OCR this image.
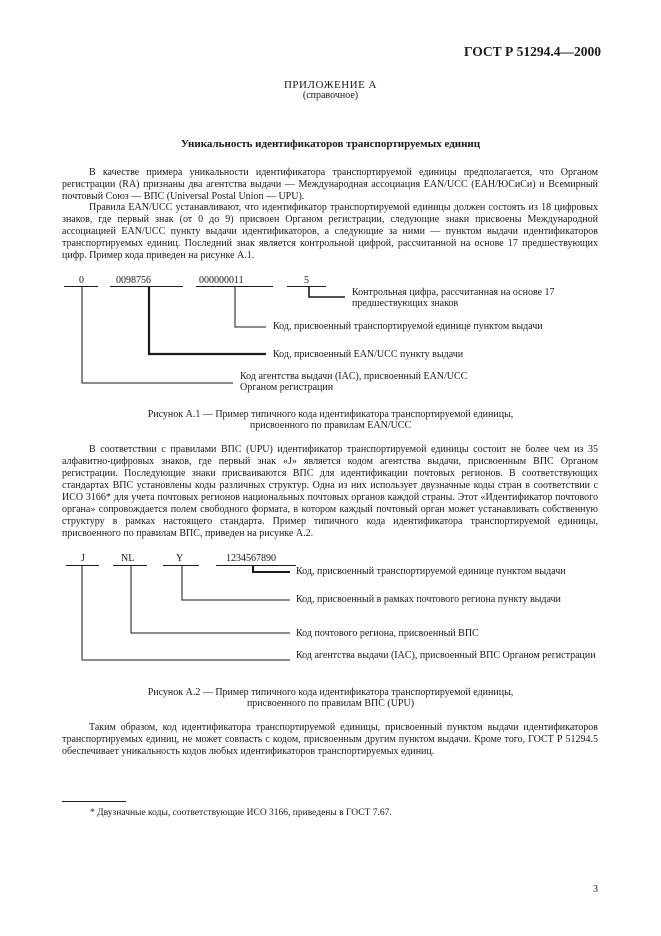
ГОСТ Р 51294.4—2000
ПРИЛОЖЕНИЕ А
(справочное)
Уникальность идентификаторов транспортируемых единиц

В качестве примера уникальности идентификатора транспортируемой единицы предполагается, что Органом регистрации (RA) признаны два агентства выдачи — Международная ассоциация EAN/UCC (ЕАН/ЮСиСи) и Всемирный почтовый Союз — ВПС (Universal Postal Union — UPU).

Правила EAN/UCC устанавливают, что идентификатор транспортируемой единицы должен состоять из 18 цифровых знаков, где первый знак (от 0 до 9) присвоен Органом регистрации, следующие знаки присвоены Международной ассоциацией EAN/UCC пункту выдачи идентификаторов, а следующие за ними — пунктом выдачи идентификаторов транспортируемых единиц. Последний знак является контрольной цифрой, рассчитанной на основе 17 предшествующих цифр. Пример кода приведен на рисунке А.1.

0	0098756	000000011	5
Контрольная цифра, рассчитанная на основе 17 предшествующих знаков
Код, присвоенный транспортируемой единице пунктом выдачи
Код, присвоенный EAN/UCC пункту выдачи
Код агентства выдачи (IAC), присвоенный EAN/UCC Органом регистрации
Рисунок А.1 — Пример типичного кода идентификатора транспортируемой единицы,
присвоенного по правилам EAN/UCC

В соответствии с правилами ВПС (UPU) идентификатор транспортируемой единицы состоит не более чем из 35 алфавитно-цифровых знаков, где первый знак «J» является кодом агентства выдачи, присвоенным ВПС Органом регистрации. Последующие знаки присваиваются ВПС для идентификации почтовых регионов. В соответствующих стандартах ВПС установлены коды различных структур. Одна из них использует двузначные коды стран в соответствии с ИСО 3166* для учета почтовых регионов национальных почтовых органов каждой страны. Этот «Идентификатор почтового органа» сопровождается полем свободного формата, в котором каждый почтовый орган может устанавливать собственную структуру в рамках настоящего стандарта. Пример типичного кода идентификатора транспортируемой единицы, присвоенного по правилам ВПС, приведен на рисунке А.2.

J	NL	Y	1234567890
Код, присвоенный транспортируемой единице пунктом выдачи
Код, присвоенный в рамках почтового региона пункту выдачи
Код почтового региона, присвоенный ВПС
Код агентства выдачи (IAC), присвоенный ВПС Органом регистрации
Рисунок А.2 — Пример типичного кода идентификатора транспортируемой единицы,
присвоенного по правилам ВПС (UPU)

Таким образом, код идентификатора транспортируемой единицы, присвоенный пунктом выдачи идентификаторов транспортируемых единиц, не может совпасть с кодом, присвоенным другим пунктом выдачи. Кроме того, ГОСТ Р 51294.5 обеспечивает уникальность кодов любых идентификаторов транспортируемых единиц.

* Двузначные коды, соответствующие ИСО 3166, приведены в ГОСТ 7.67.
3
